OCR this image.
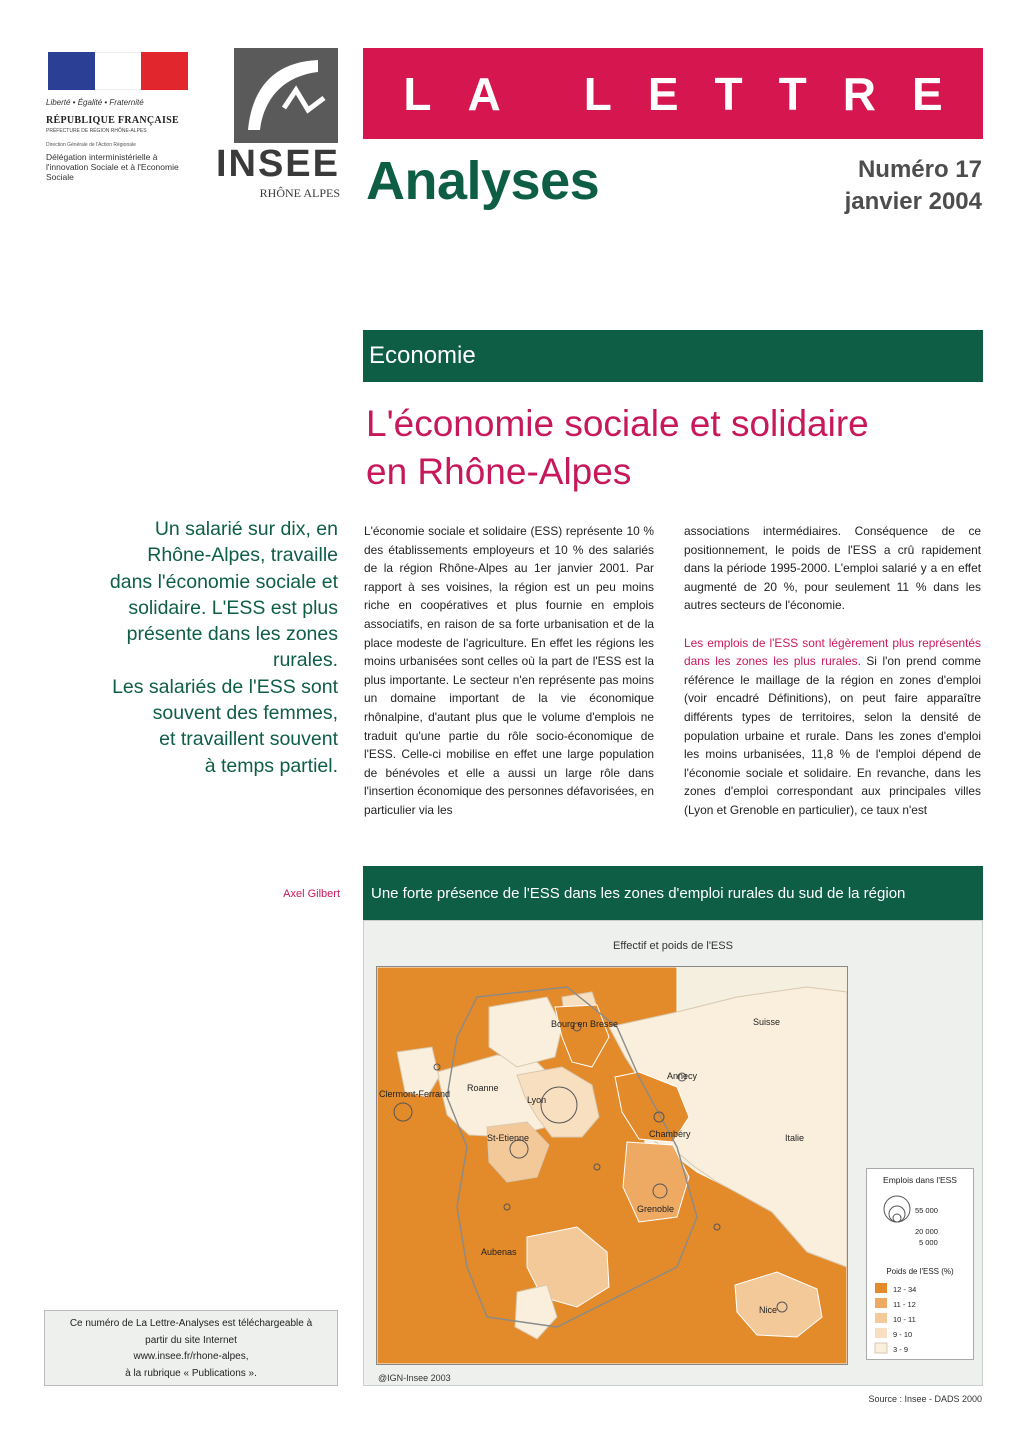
Liberté • Égalité • Fraternité
RÉPUBLIQUE FRANÇAISE
PRÉFECTURE DE RÉGION RHÔNE-ALPES
Direction Générale de l'Action Régionale
Délégation interministérielle à l'innovation Sociale et à l'Economie Sociale	INSEE
RHÔNE ALPES
LA LETTRE
Analyses	Numéro 17
janvier 2004
Economie
L'économie sociale et solidaire
en Rhône-Alpes
Un salarié sur dix, en
Rhône-Alpes, travaille
dans l'économie sociale et
solidaire. L'ESS est plus
présente dans les zones
rurales.
Les salariés de l'ESS sont
souvent des femmes,
et travaillent souvent
à temps partiel.

L'économie sociale et solidaire (ESS) représente 10 % des établissements employeurs et 10 % des salariés de la région Rhône-Alpes au 1er janvier 2001. Par rapport à ses voisines, la région est un peu moins riche en coopératives et plus fournie en emplois associatifs, en raison de sa forte urbanisation et de la place modeste de l'agriculture. En effet les régions les moins urbanisées sont celles où la part de l'ESS est la plus importante. Le secteur n'en représente pas moins un domaine important de la vie économique rhônalpine, d'autant plus que le volume d'emplois ne traduit qu'une partie du rôle socio-économique de l'ESS. Celle-ci mobilise en effet une large population de bénévoles et elle a aussi un large rôle dans l'insertion économique des personnes défavorisées, en particulier via les

associations intermédiaires. Conséquence de ce positionnement, le poids de l'ESS a crû rapidement dans la période 1995-2000. L'emploi salarié y a en effet augmenté de 20 %, pour seulement 11 % dans les autres secteurs de l'économie.

Les emplois de l'ESS sont légèrement plus représentés dans les zones les plus rurales. Si l'on prend comme référence le maillage de la région en zones d'emploi (voir encadré Définitions), on peut faire apparaître différents types de territoires, selon la densité de population urbaine et rurale. Dans les zones d'emploi les moins urbanisées, 11,8 % de l'emploi dépend de l'économie sociale et solidaire. En revanche, dans les zones d'emploi correspondant aux principales villes (Lyon et Grenoble en particulier), ce taux n'est

Axel Gilbert	Une forte présence de l'ESS dans les zones d'emploi rurales du sud de la région
Effectif et poids de l'ESS
Bourg en Bresse	Suisse
Annecy
Roanne
Lyon
Clermont-Ferrand
St-Etienne	Chambéry	Italie
Grenoble
Aubenas
Nice
Emplois dans l'ESS
55 000
20 000
5 000
Poids de l'ESS (%)
12 - 34
11 - 12
10 - 11
9 - 10
3 - 9
@IGN-Insee 2003
Source : Insee - DADS 2000
Ce numéro de La Lettre-Analyses est téléchargeable à
partir du site Internet
www.insee.fr/rhone-alpes,
à la rubrique « Publications ».
